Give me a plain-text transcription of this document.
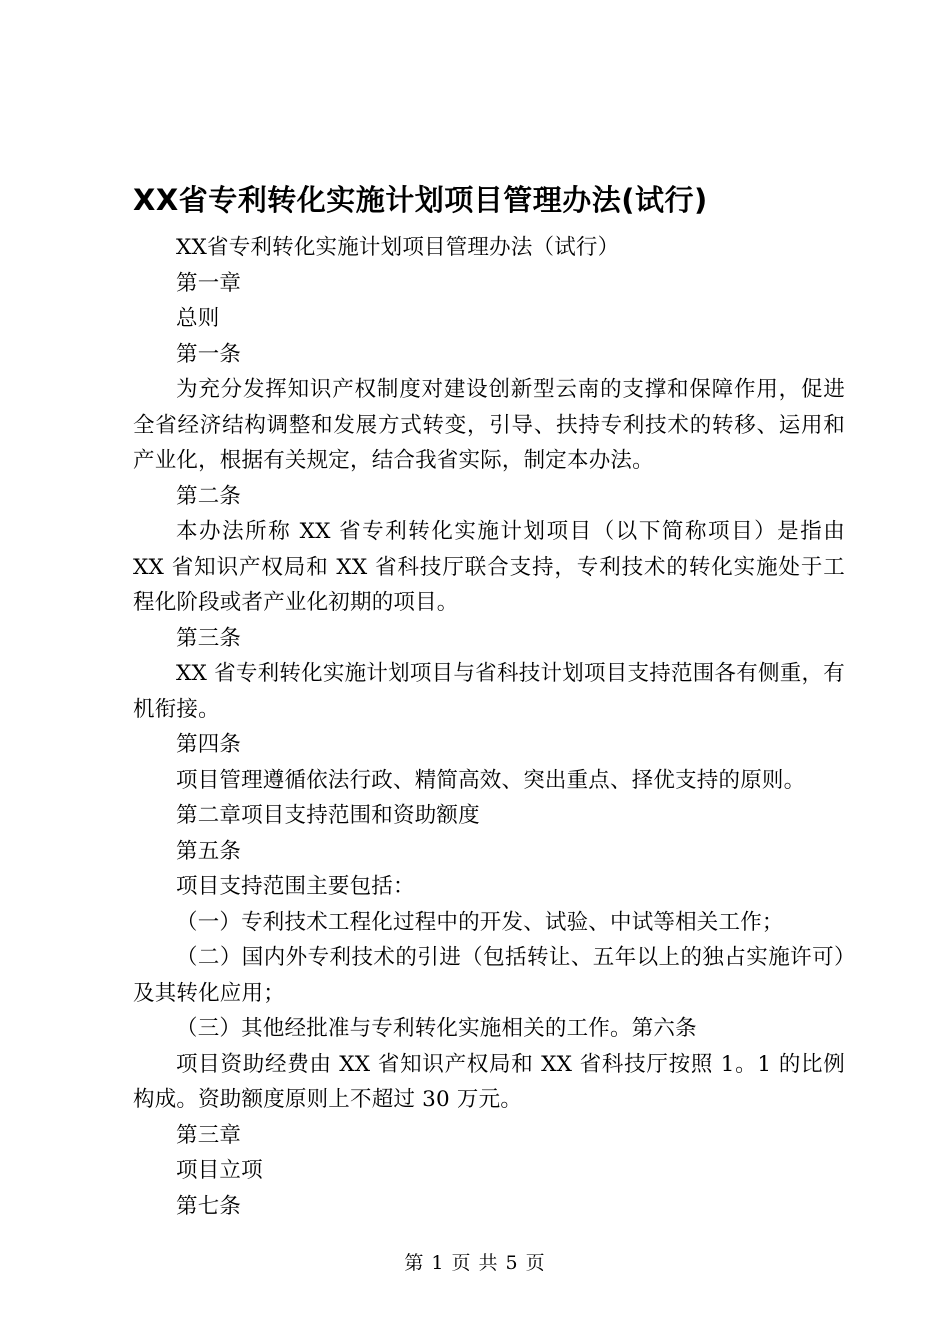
XX省专利转化实施计划项目管理办法(试行)

XX省专利转化实施计划项目管理办法（试行）

第一章

总则

第一条

为充分发挥知识产权制度对建设创新型云南的支撑和保障作用，促进全省经济结构调整和发展方式转变，引导、扶持专利技术的转移、运用和产业化，根据有关规定，结合我省实际，制定本办法。

第二条

本办法所称 XX 省专利转化实施计划项目（以下简称项目）是指由 XX 省知识产权局和 XX 省科技厅联合支持，专利技术的转化实施处于工程化阶段或者产业化初期的项目。

第三条

XX 省专利转化实施计划项目与省科技计划项目支持范围各有侧重，有机衔接。

第四条

项目管理遵循依法行政、精简高效、突出重点、择优支持的原则。

第二章项目支持范围和资助额度

第五条

项目支持范围主要包括：

（一）专利技术工程化过程中的开发、试验、中试等相关工作；

（二）国内外专利技术的引进（包括转让、五年以上的独占实施许可）及其转化应用；

（三）其他经批准与专利转化实施相关的工作。第六条

项目资助经费由 XX 省知识产权局和 XX 省科技厅按照 1。1 的比例构成。资助额度原则上不超过 30 万元。

第三章

项目立项

第七条

第 1 页 共 5 页
